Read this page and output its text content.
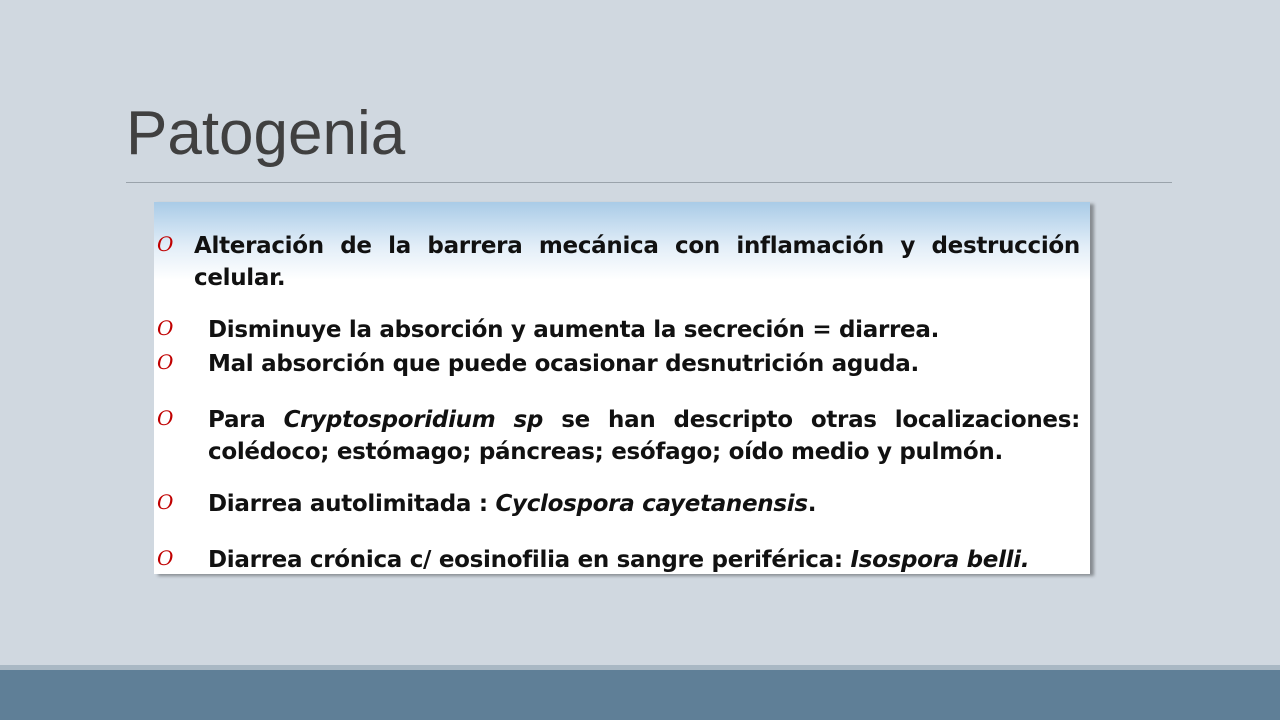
Patogenia
O Alteración de la barrera mecánica con inflamación y destrucción celular.
O Disminuye la absorción y aumenta la secreción = diarrea.
O Mal absorción que puede ocasionar desnutrición aguda.
O Para Cryptosporidium sp se han descripto otras localizaciones: colédoco; estómago; páncreas; esófago; oído medio y pulmón.
O Diarrea autolimitada : Cyclospora cayetanensis.
O Diarrea crónica c/ eosinofilia en sangre periférica: Isospora belli.
